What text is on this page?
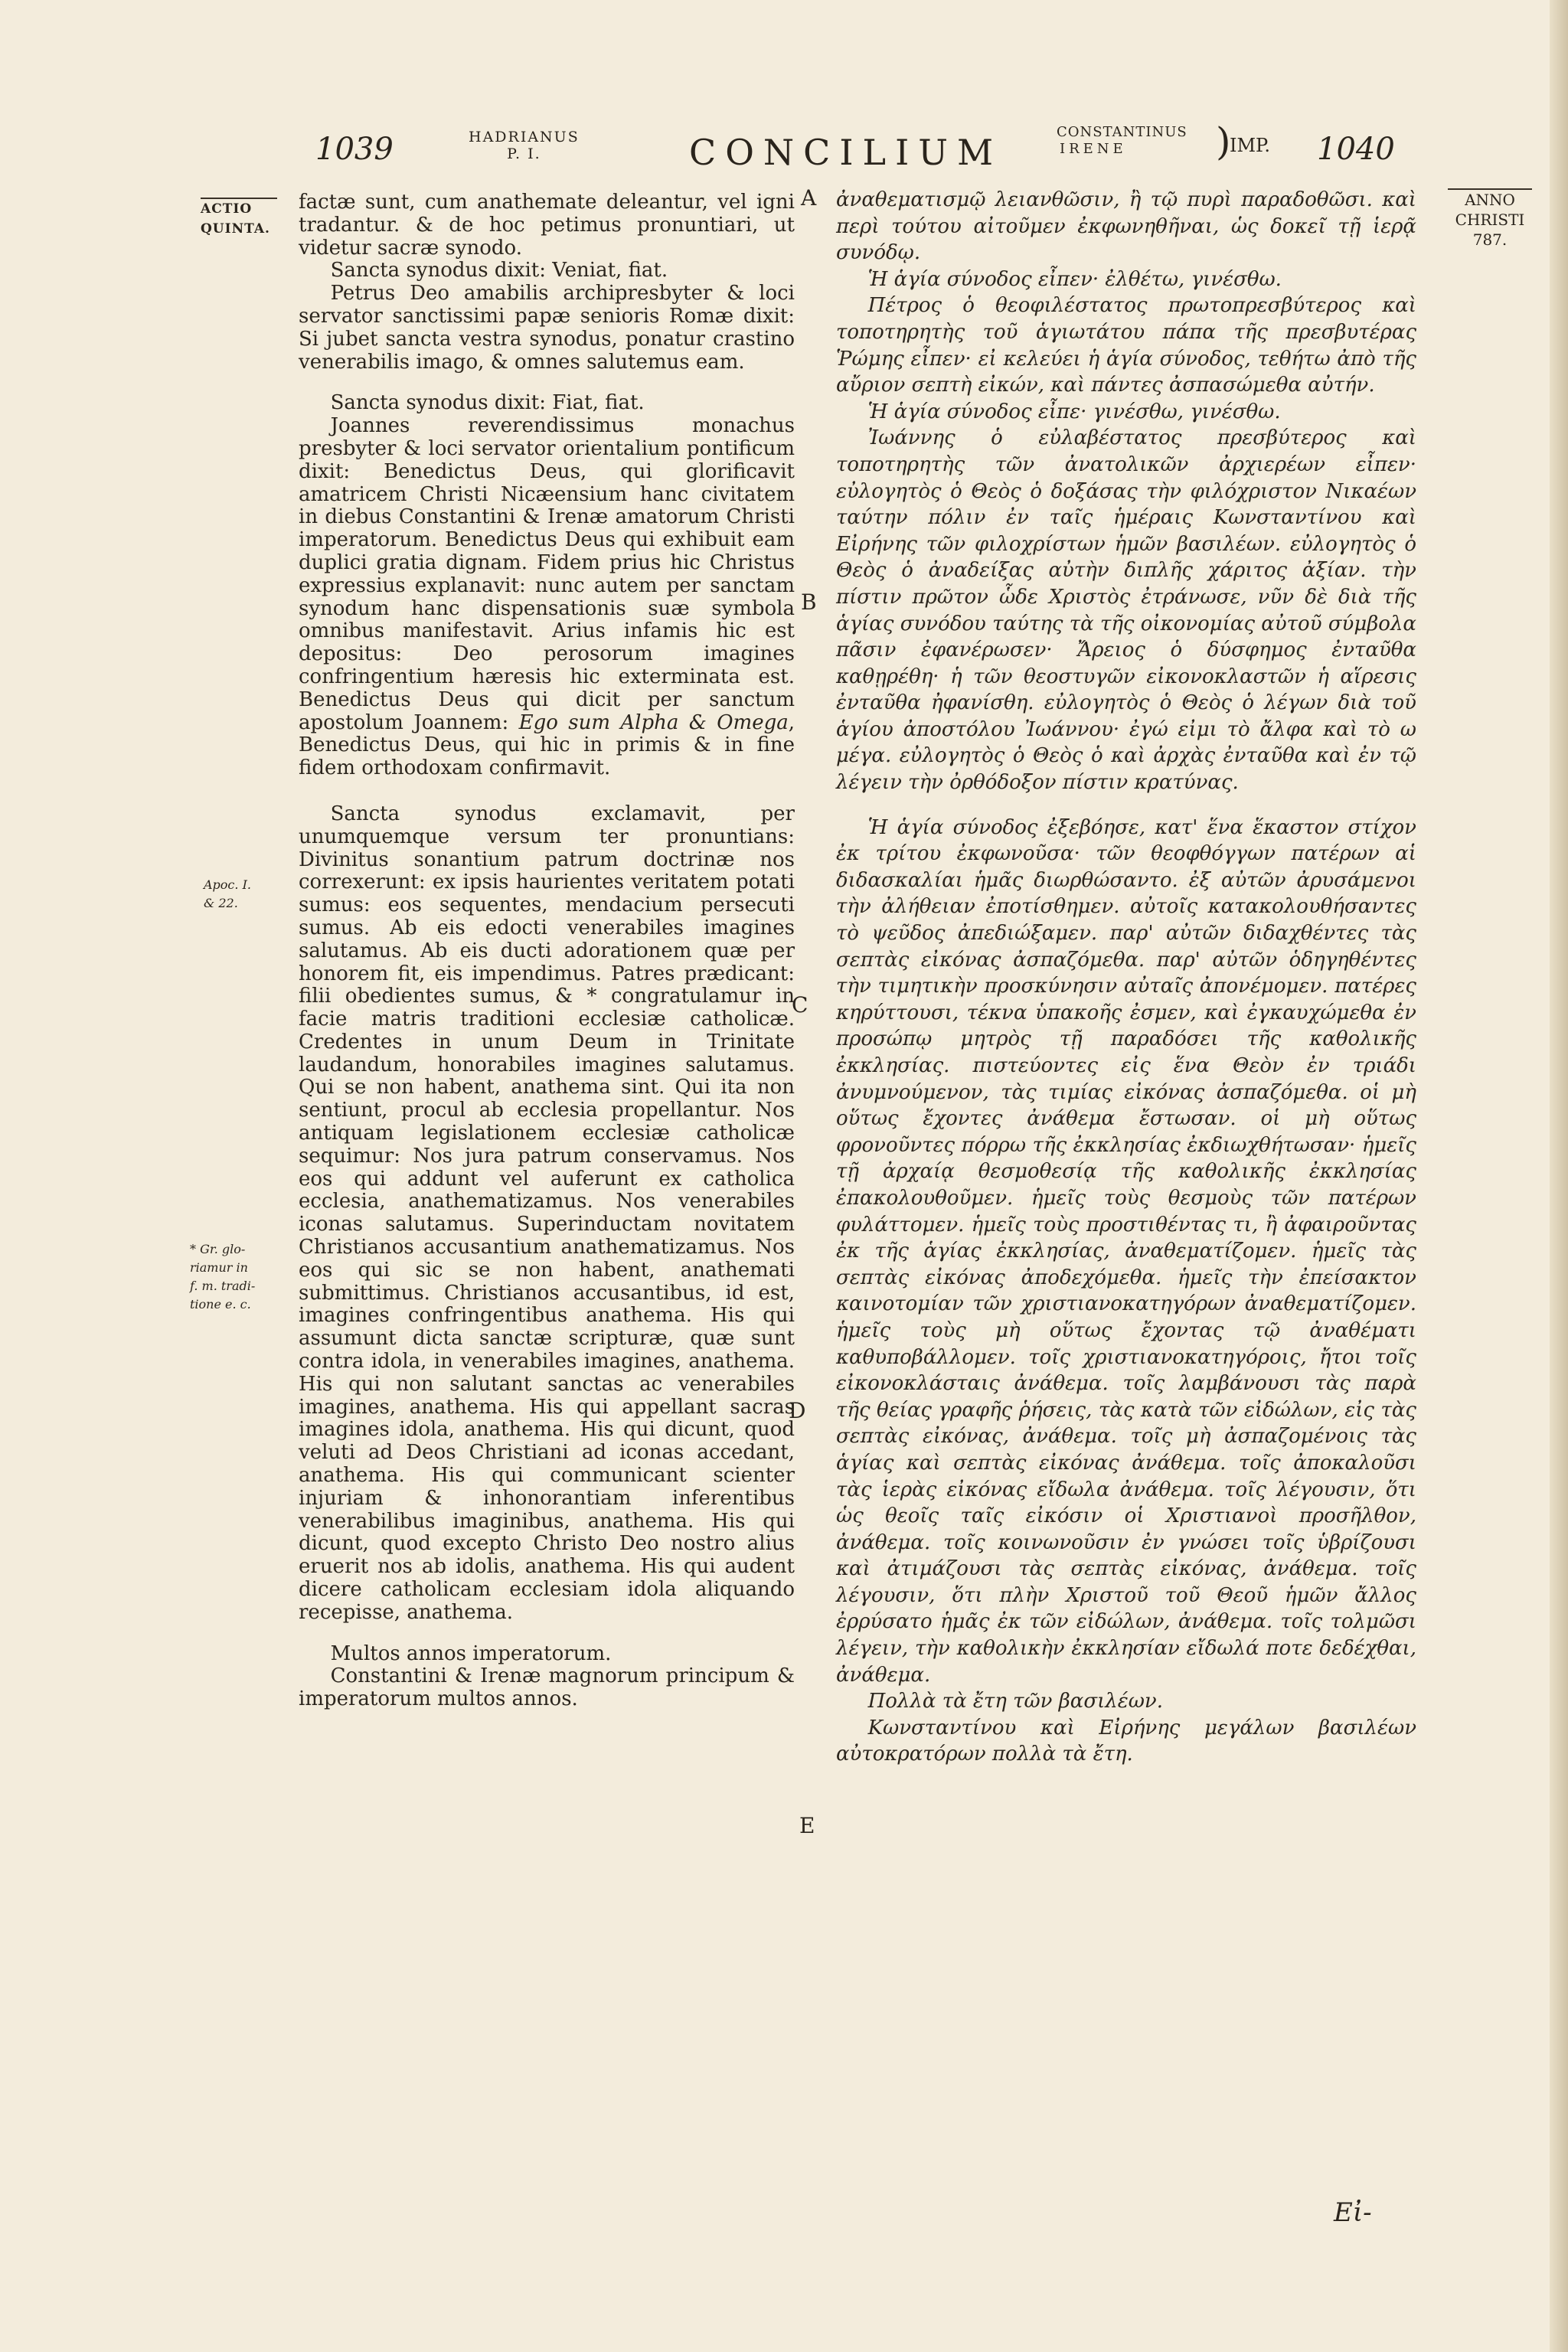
1039	HADRIANUS
P. I.	CONCILIUM	CONSTANTINUS
IRENE	)
IMP. 1040
ANNO
CHRISTI
787.
ACTIO
QUINTA.
Apoc. I.
& 22.
* Gr. glo-
riamur in
f. m. tradi-
tione e. c.
A
B
C
D
E

factæ sunt, cum anathemate deleantur, vel igni tradantur. & de hoc petimus pronuntiari, ut videtur sacræ synodo.

Sancta synodus dixit: Veniat, fiat.

Petrus Deo amabilis archipresbyter & loci servator sanctissimi papæ senioris Romæ dixit: Si jubet sancta vestra synodus, ponatur crastino venerabilis imago, & omnes salutemus eam.

Sancta synodus dixit: Fiat, fiat.

Joannes reverendissimus monachus presbyter & loci servator orientalium pontificum dixit: Benedictus Deus, qui glorificavit amatricem Christi Nicæensium hanc civitatem in diebus Constantini & Irenæ amatorum Christi imperatorum. Benedictus Deus qui exhibuit eam duplici gratia dignam. Fidem prius hic Christus expressius explanavit: nunc autem per sanctam synodum hanc dispensationis suæ symbola omnibus manifestavit. Arius infamis hic est depositus: Deo perosorum imagines confringentium hæresis hic exterminata est. Benedictus Deus qui dicit per sanctum apostolum Joannem: Ego sum Alpha & Omega, Benedictus Deus, qui hic in primis & in fine fidem orthodoxam confirmavit.

Sancta synodus exclamavit, per unumquemque versum ter pronuntians: Divinitus sonantium patrum doctrinæ nos correxerunt: ex ipsis haurientes veritatem potati sumus: eos sequentes, mendacium persecuti sumus. Ab eis edocti venerabiles imagines salutamus. Ab eis ducti adorationem quæ per honorem fit, eis impendimus. Patres prædicant: filii obedientes sumus, & * congratulamur in facie matris traditioni ecclesiæ catholicæ. Credentes in unum Deum in Trinitate laudandum, honorabiles imagines salutamus. Qui se non habent, anathema sint. Qui ita non sentiunt, procul ab ecclesia propellantur. Nos antiquam legislationem ecclesiæ catholicæ sequimur: Nos jura patrum conservamus. Nos eos qui addunt vel auferunt ex catholica ecclesia, anathematizamus. Nos venerabiles iconas salutamus. Superinductam novitatem Christianos accusantium anathematizamus. Nos eos qui sic se non habent, anathemati submittimus. Christianos accusantibus, id est, imagines confringentibus anathema. His qui assumunt dicta sanctæ scripturæ, quæ sunt contra idola, in venerabiles imagines, anathema. His qui non salutant sanctas ac venerabiles imagines, anathema. His qui appellant sacras imagines idola, anathema. His qui dicunt, quod veluti ad Deos Christiani ad iconas accedant, anathema. His qui communicant scienter injuriam & inhonorantiam inferentibus venerabilibus imaginibus, anathema. His qui dicunt, quod excepto Christo Deo nostro alius eruerit nos ab idolis, anathema. His qui audent dicere catholicam ecclesiam idola aliquando recepisse, anathema.

Multos annos imperatorum.

Constantini & Irenæ magnorum principum & imperatorum multos annos.

ἀναθεματισμῷ λειανθῶσιν, ἢ τῷ πυρὶ παραδοθῶσι. καὶ περὶ τούτου αἰτοῦμεν ἐκφωνηθῆναι, ὡς δοκεῖ τῇ ἱερᾷ συνόδῳ.

Ἡ ἁγία σύνοδος εἶπεν· ἐλθέτω, γινέσθω.

Πέτρος ὁ θεοφιλέστατος πρωτοπρεσβύτερος καὶ τοποτηρητὴς τοῦ ἁγιωτάτου πάπα τῆς πρεσβυτέρας Ῥώμης εἶπεν· εἰ κελεύει ἡ ἁγία σύνοδος, τεθήτω ἀπὸ τῆς αὔριον σεπτὴ εἰκών, καὶ πάντες ἀσπασώμεθα αὐτήν.

Ἡ ἁγία σύνοδος εἶπε· γινέσθω, γινέσθω.

Ἰωάννης ὁ εὐλαβέστατος πρεσβύτερος καὶ τοποτηρητὴς τῶν ἀνατολικῶν ἀρχιερέων εἶπεν· εὐλογητὸς ὁ Θεὸς ὁ δοξάσας τὴν φιλόχριστον Νικαέων ταύτην πόλιν ἐν ταῖς ἡμέραις Κωνσταντίνου καὶ Εἰρήνης τῶν φιλοχρίστων ἡμῶν βασιλέων. εὐλογητὸς ὁ Θεὸς ὁ ἀναδείξας αὐτὴν διπλῆς χάριτος ἀξίαν. τὴν πίστιν πρῶτον ὧδε Χριστὸς ἐτράνωσε, νῦν δὲ διὰ τῆς ἁγίας συνόδου ταύτης τὰ τῆς οἰκονομίας αὐτοῦ σύμβολα πᾶσιν ἐφανέρωσεν· Ἄρειος ὁ δύσφημος ἐνταῦθα καθῃρέθη· ἡ τῶν θεοστυγῶν εἰκονοκλαστῶν ἡ αἵρεσις ἐνταῦθα ἠφανίσθη. εὐλογητὸς ὁ Θεὸς ὁ λέγων διὰ τοῦ ἁγίου ἀποστόλου Ἰωάννου· ἐγώ εἰμι τὸ ἄλφα καὶ τὸ ω μέγα. εὐλογητὸς ὁ Θεὸς ὁ καὶ ἀρχὰς ἐνταῦθα καὶ ἐν τῷ λέγειν τὴν ὀρθόδοξον πίστιν κρατύνας.

Ἡ ἁγία σύνοδος ἐξεβόησε, κατ' ἕνα ἕκαστον στίχον ἐκ τρίτου ἐκφωνοῦσα· τῶν θεοφθόγγων πατέρων αἱ διδασκαλίαι ἡμᾶς διωρθώσαντο. ἐξ αὐτῶν ἀρυσάμενοι τὴν ἀλήθειαν ἐποτίσθημεν. αὐτοῖς κατακολουθήσαντες τὸ ψεῦδος ἀπεδιώξαμεν. παρ' αὐτῶν διδαχθέντες τὰς σεπτὰς εἰκόνας ἀσπαζόμεθα. παρ' αὐτῶν ὁδηγηθέντες τὴν τιμητικὴν προσκύνησιν αὐταῖς ἀπονέμομεν. πατέρες κηρύττουσι, τέκνα ὑπακοῆς ἐσμεν, καὶ ἐγκαυχώμεθα ἐν προσώπῳ μητρὸς τῇ παραδόσει τῆς καθολικῆς ἐκκλησίας. πιστεύοντες εἰς ἕνα Θεὸν ἐν τριάδι ἀνυμνούμενον, τὰς τιμίας εἰκόνας ἀσπαζόμεθα. οἱ μὴ οὕτως ἔχοντες ἀνάθεμα ἔστωσαν. οἱ μὴ οὕτως φρονοῦντες πόρρω τῆς ἐκκλησίας ἐκδιωχθήτωσαν· ἡμεῖς τῇ ἀρχαίᾳ θεσμοθεσίᾳ τῆς καθολικῆς ἐκκλησίας ἐπακολουθοῦμεν. ἡμεῖς τοὺς θεσμοὺς τῶν πατέρων φυλάττομεν. ἡμεῖς τοὺς προστιθέντας τι, ἢ ἀφαιροῦντας ἐκ τῆς ἁγίας ἐκκλησίας, ἀναθεματίζομεν. ἡμεῖς τὰς σεπτὰς εἰκόνας ἀποδεχόμεθα. ἡμεῖς τὴν ἐπείσακτον καινοτομίαν τῶν χριστιανοκατηγόρων ἀναθεματίζομεν. ἡμεῖς τοὺς μὴ οὕτως ἔχοντας τῷ ἀναθέματι καθυποβάλλομεν. τοῖς χριστιανοκατηγόροις, ἤτοι τοῖς εἰκονοκλάσταις ἀνάθεμα. τοῖς λαμβάνουσι τὰς παρὰ τῆς θείας γραφῆς ῥήσεις, τὰς κατὰ τῶν εἰδώλων, εἰς τὰς σεπτὰς εἰκόνας, ἀνάθεμα. τοῖς μὴ ἀσπαζομένοις τὰς ἁγίας καὶ σεπτὰς εἰκόνας ἀνάθεμα. τοῖς ἀποκαλοῦσι τὰς ἱερὰς εἰκόνας εἴδωλα ἀνάθεμα. τοῖς λέγουσιν, ὅτι ὡς θεοῖς ταῖς εἰκόσιν οἱ Χριστιανοὶ προσῆλθον, ἀνάθεμα. τοῖς κοινωνοῦσιν ἐν γνώσει τοῖς ὑβρίζουσι καὶ ἀτιμάζουσι τὰς σεπτὰς εἰκόνας, ἀνάθεμα. τοῖς λέγουσιν, ὅτι πλὴν Χριστοῦ τοῦ Θεοῦ ἡμῶν ἄλλος ἐρρύσατο ἡμᾶς ἐκ τῶν εἰδώλων, ἀνάθεμα. τοῖς τολμῶσι λέγειν, τὴν καθολικὴν ἐκκλησίαν εἴδωλά ποτε δεδέχθαι, ἀνάθεμα.

Πολλὰ τὰ ἔτη τῶν βασιλέων.

Κωνσταντίνου καὶ Εἰρήνης μεγάλων βασιλέων αὐτοκρατόρων πολλὰ τὰ ἔτη.

Εἰ-
